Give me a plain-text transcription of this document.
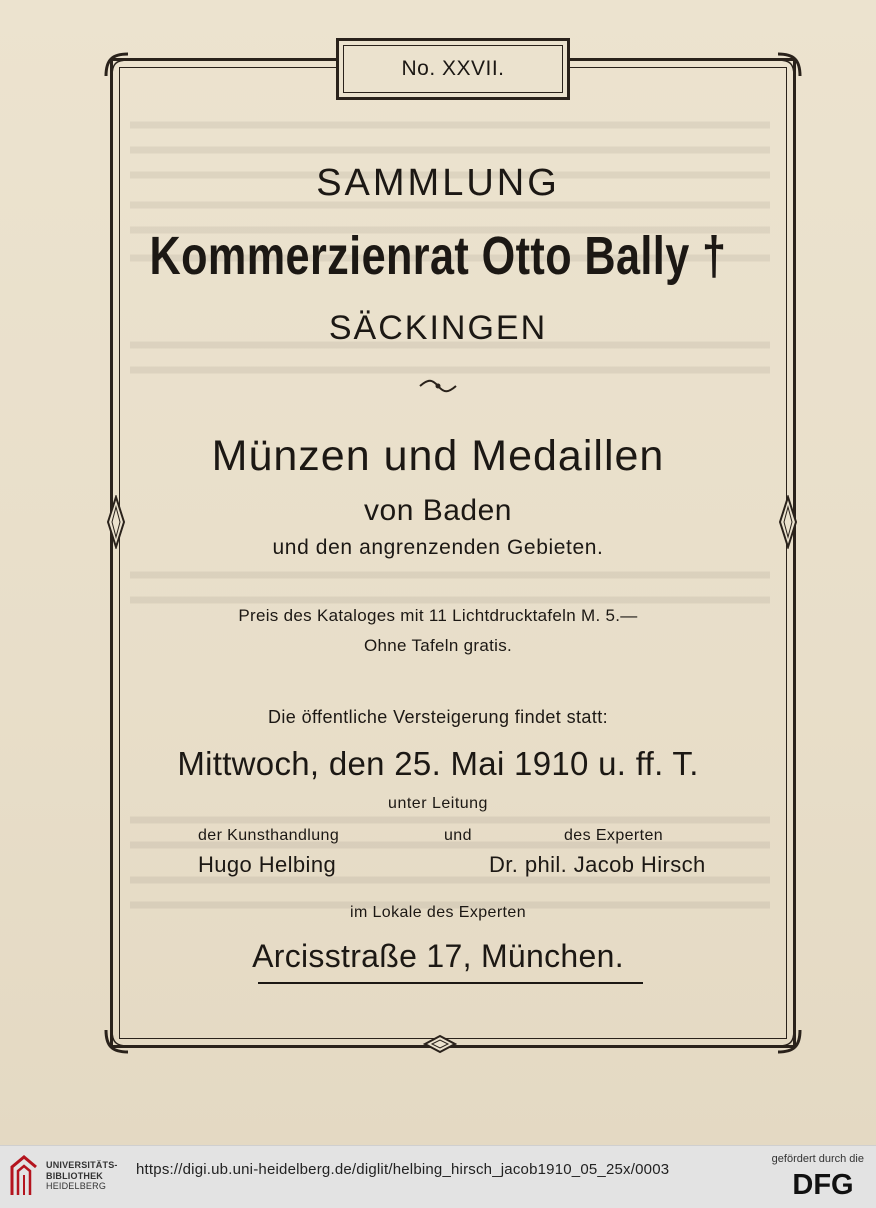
No. XXVII.
SAMMLUNG
Kommerzienrat Otto Bally †
SÄCKINGEN
Münzen und Medaillen
von Baden
und den angrenzenden Gebieten.
Preis des Kataloges mit 11 Lichtdrucktafeln M. 5.—
Ohne Tafeln gratis.
Die öffentliche Versteigerung findet statt:
Mittwoch, den 25. Mai 1910 u. ff. T.
unter Leitung
der Kunsthandlung	und	des Experten
Hugo Helbing	Dr. phil. Jacob Hirsch
im Lokale des Experten
Arcisstraße 17, München.
UNIVERSITÄTS-
BIBLIOTHEK
HEIDELBERG
https://digi.ub.uni-heidelberg.de/diglit/helbing_hirsch_jacob1910_05_25x/0003
gefördert durch die
DFG
